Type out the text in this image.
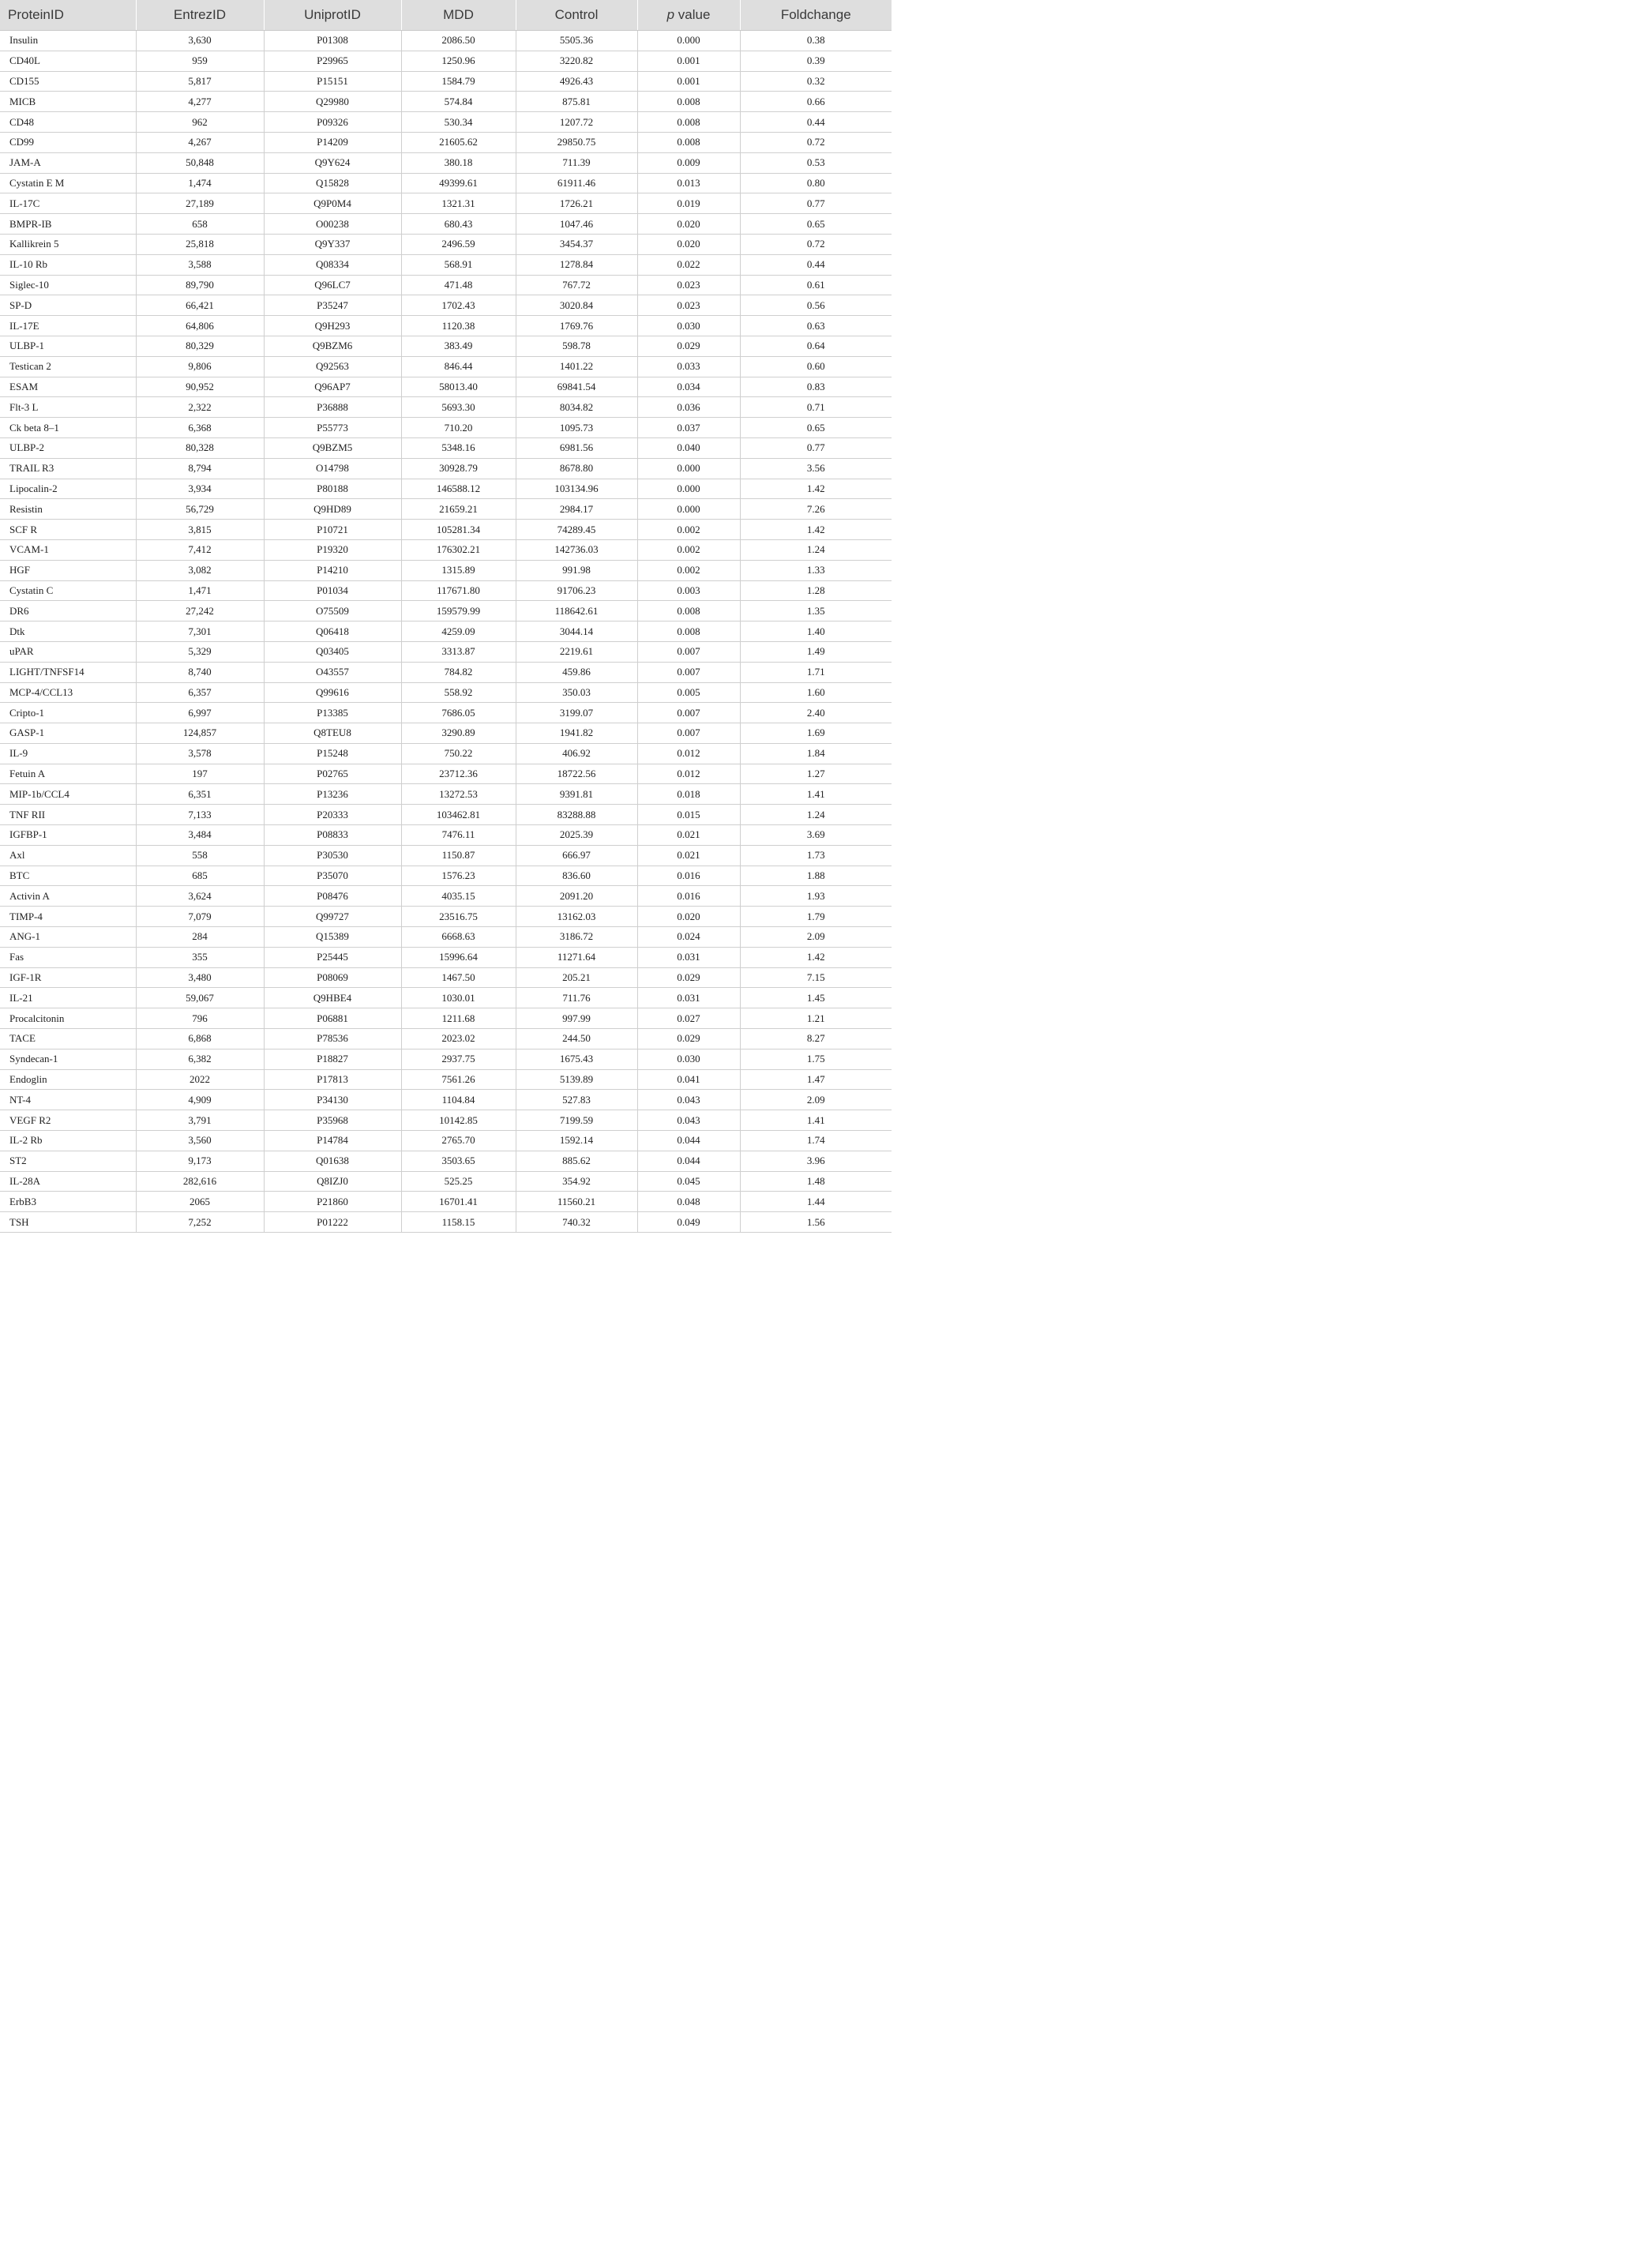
ProteinID	EntrezID	UniprotID	MDD	Control	p value	Foldchange
Insulin	3,630	P01308	2086.50	5505.36	0.000	0.38
CD40L	959	P29965	1250.96	3220.82	0.001	0.39
CD155	5,817	P15151	1584.79	4926.43	0.001	0.32
MICB	4,277	Q29980	574.84	875.81	0.008	0.66
CD48	962	P09326	530.34	1207.72	0.008	0.44
CD99	4,267	P14209	21605.62	29850.75	0.008	0.72
JAM-A	50,848	Q9Y624	380.18	711.39	0.009	0.53
Cystatin E M	1,474	Q15828	49399.61	61911.46	0.013	0.80
IL-17C	27,189	Q9P0M4	1321.31	1726.21	0.019	0.77
BMPR-IB	658	O00238	680.43	1047.46	0.020	0.65
Kallikrein 5	25,818	Q9Y337	2496.59	3454.37	0.020	0.72
IL-10 Rb	3,588	Q08334	568.91	1278.84	0.022	0.44
Siglec-10	89,790	Q96LC7	471.48	767.72	0.023	0.61
SP-D	66,421	P35247	1702.43	3020.84	0.023	0.56
IL-17E	64,806	Q9H293	1120.38	1769.76	0.030	0.63
ULBP-1	80,329	Q9BZM6	383.49	598.78	0.029	0.64
Testican 2	9,806	Q92563	846.44	1401.22	0.033	0.60
ESAM	90,952	Q96AP7	58013.40	69841.54	0.034	0.83
Flt-3 L	2,322	P36888	5693.30	8034.82	0.036	0.71
Ck beta 8–1	6,368	P55773	710.20	1095.73	0.037	0.65
ULBP-2	80,328	Q9BZM5	5348.16	6981.56	0.040	0.77
TRAIL R3	8,794	O14798	30928.79	8678.80	0.000	3.56
Lipocalin-2	3,934	P80188	146588.12	103134.96	0.000	1.42
Resistin	56,729	Q9HD89	21659.21	2984.17	0.000	7.26
SCF R	3,815	P10721	105281.34	74289.45	0.002	1.42
VCAM-1	7,412	P19320	176302.21	142736.03	0.002	1.24
HGF	3,082	P14210	1315.89	991.98	0.002	1.33
Cystatin C	1,471	P01034	117671.80	91706.23	0.003	1.28
DR6	27,242	O75509	159579.99	118642.61	0.008	1.35
Dtk	7,301	Q06418	4259.09	3044.14	0.008	1.40
uPAR	5,329	Q03405	3313.87	2219.61	0.007	1.49
LIGHT/TNFSF14	8,740	O43557	784.82	459.86	0.007	1.71
MCP-4/CCL13	6,357	Q99616	558.92	350.03	0.005	1.60
Cripto-1	6,997	P13385	7686.05	3199.07	0.007	2.40
GASP-1	124,857	Q8TEU8	3290.89	1941.82	0.007	1.69
IL-9	3,578	P15248	750.22	406.92	0.012	1.84
Fetuin A	197	P02765	23712.36	18722.56	0.012	1.27
MIP-1b/CCL4	6,351	P13236	13272.53	9391.81	0.018	1.41
TNF RII	7,133	P20333	103462.81	83288.88	0.015	1.24
IGFBP-1	3,484	P08833	7476.11	2025.39	0.021	3.69
Axl	558	P30530	1150.87	666.97	0.021	1.73
BTC	685	P35070	1576.23	836.60	0.016	1.88
Activin A	3,624	P08476	4035.15	2091.20	0.016	1.93
TIMP-4	7,079	Q99727	23516.75	13162.03	0.020	1.79
ANG-1	284	Q15389	6668.63	3186.72	0.024	2.09
Fas	355	P25445	15996.64	11271.64	0.031	1.42
IGF-1R	3,480	P08069	1467.50	205.21	0.029	7.15
IL-21	59,067	Q9HBE4	1030.01	711.76	0.031	1.45
Procalcitonin	796	P06881	1211.68	997.99	0.027	1.21
TACE	6,868	P78536	2023.02	244.50	0.029	8.27
Syndecan-1	6,382	P18827	2937.75	1675.43	0.030	1.75
Endoglin	2022	P17813	7561.26	5139.89	0.041	1.47
NT-4	4,909	P34130	1104.84	527.83	0.043	2.09
VEGF R2	3,791	P35968	10142.85	7199.59	0.043	1.41
IL-2 Rb	3,560	P14784	2765.70	1592.14	0.044	1.74
ST2	9,173	Q01638	3503.65	885.62	0.044	3.96
IL-28A	282,616	Q8IZJ0	525.25	354.92	0.045	1.48
ErbB3	2065	P21860	16701.41	11560.21	0.048	1.44
TSH	7,252	P01222	1158.15	740.32	0.049	1.56
